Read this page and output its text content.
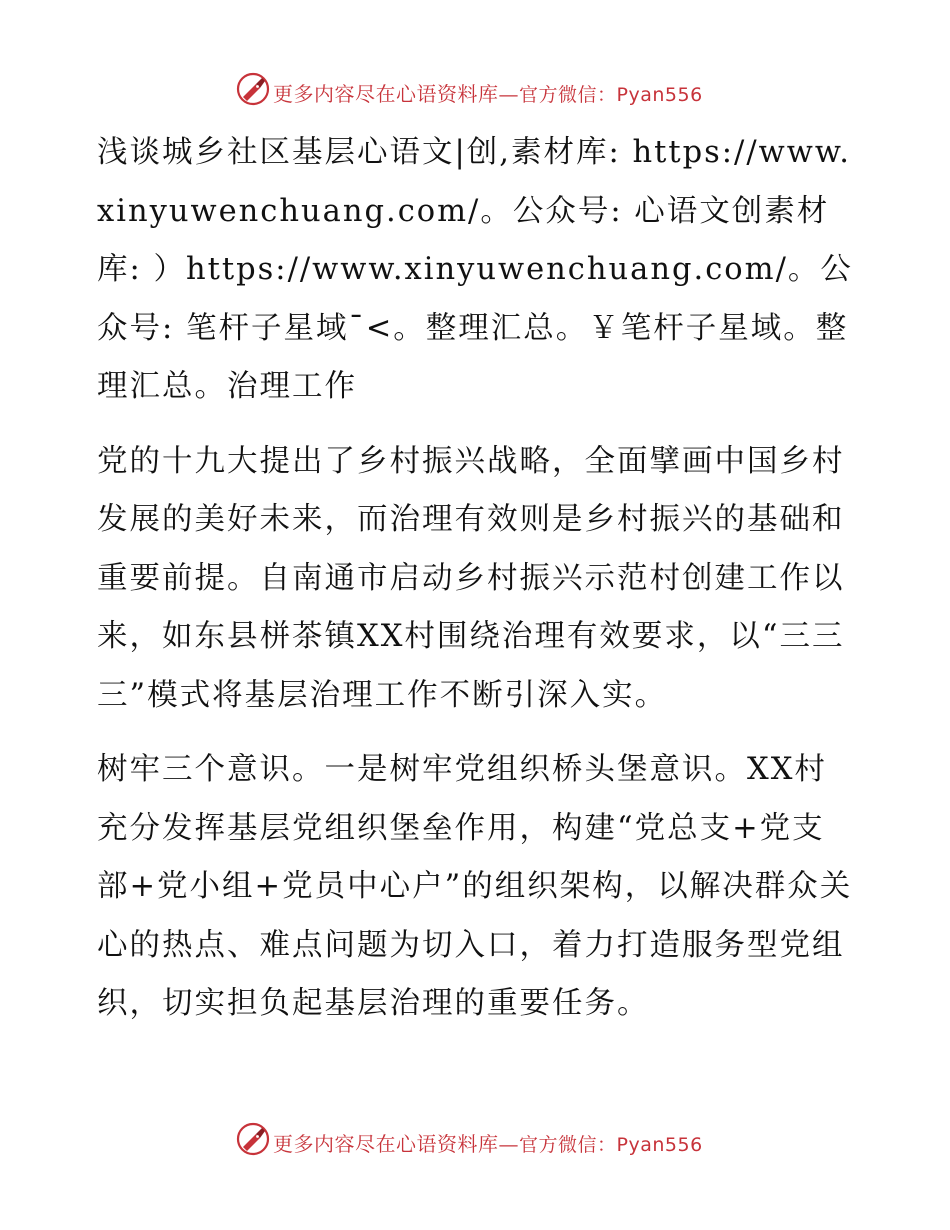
更多内容尽在心语资料库—官方微信：Pyan556

浅谈城乡社区基层心语文|创,素材库: https://www.xinyuwenchuang.com/。公众号: 心语文创素材库: ）https://www.xinyuwenchuang.com/。公众号: 笔杆子星域¯<。整理汇总。￥笔杆子星域。整理汇总。治理工作

党的十九大提出了乡村振兴战略，全面擘画中国乡村发展的美好未来，而治理有效则是乡村振兴的基础和重要前提。自南通市启动乡村振兴示范村创建工作以来，如东县栟茶镇XX村围绕治理有效要求，以“三三三”模式将基层治理工作不断引深入实。

树牢三个意识。一是树牢党组织桥头堡意识。XX村充分发挥基层党组织堡垒作用，构建“党总支+党支部+党小组+党员中心户”的组织架构，以解决群众关心的热点、难点问题为切入口，着力打造服务型党组织，切实担负起基层治理的重要任务。

更多内容尽在心语资料库—官方微信：Pyan556
